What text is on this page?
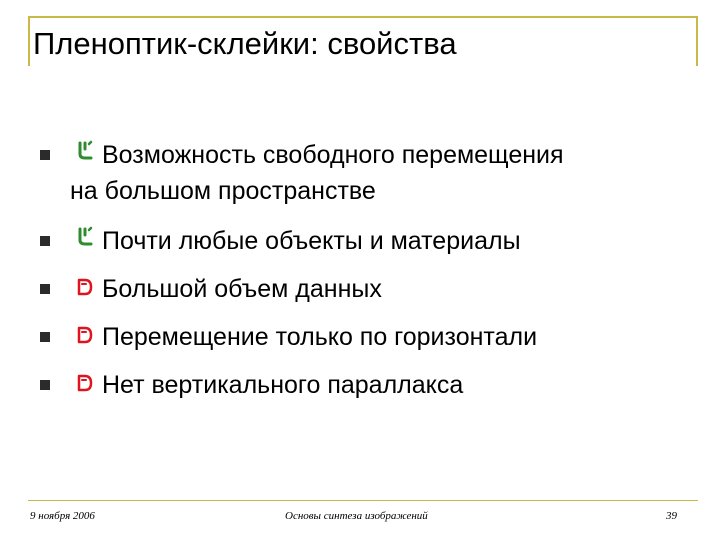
Пленоптик-склейки: свойства
Возможность свободного перемещения
на большом пространстве
Почти любые объекты и материалы
Большой объем данных
Перемещение только по горизонтали
Нет вертикального параллакса
9 ноября 2006	Основы синтеза изображений	39
